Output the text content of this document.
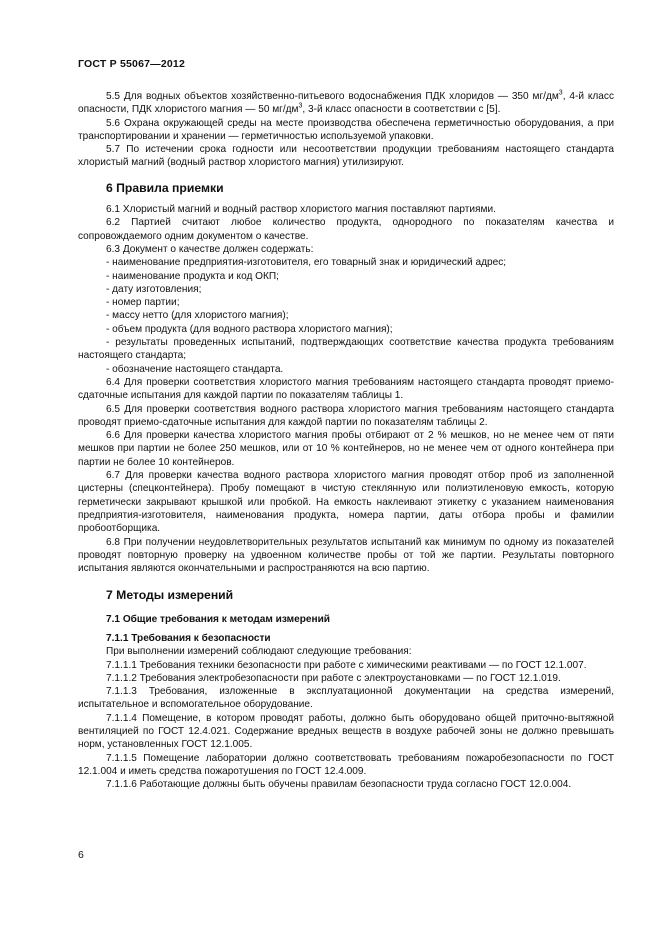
ГОСТ Р 55067—2012

5.5 Для водных объектов хозяйственно-питьевого водоснабжения ПДК хлоридов — 350 $мг/дм^3$, 4-й класс опасности, ПДК хлористого магния — 50 $мг/дм^3$, 3-й класс опасности в соответствии с [5].

5.6 Охрана окружающей среды на месте производства обеспечена герметичностью оборудования, а при транспортировании и хранении — герметичностью используемой упаковки.

5.7 По истечении срока годности или несоответствии продукции требованиям настоящего стандарта хлористый магний (водный раствор хлористого магния) утилизируют.

6 Правила приемки

6.1 Хлористый магний и водный раствор хлористого магния поставляют партиями.

6.2 Партией считают любое количество продукта, однородного по показателям качества и сопровождаемого одним документом о качестве.

6.3 Документ о качестве должен содержать:

- наименование предприятия-изготовителя, его товарный знак и юридический адрес;

- наименование продукта и код ОКП;

- дату изготовления;

- номер партии;

- массу нетто (для хлористого магния);

- объем продукта (для водного раствора хлористого магния);

- результаты проведенных испытаний, подтверждающих соответствие качества продукта требованиям настоящего стандарта;

- обозначение настоящего стандарта.

6.4 Для проверки соответствия хлористого магния требованиям настоящего стандарта проводят приемо-сдаточные испытания для каждой партии по показателям таблицы 1.

6.5 Для проверки соответствия водного раствора хлористого магния требованиям настоящего стандарта проводят приемо-сдаточные испытания для каждой партии по показателям таблицы 2.

6.6 Для проверки качества хлористого магния пробы отбирают от 2 % мешков, но не менее чем от пяти мешков при партии не более 250 мешков, или от 10 % контейнеров, но не менее чем от одного контейнера при партии не более 10 контейнеров.

6.7 Для проверки качества водного раствора хлористого магния проводят отбор проб из заполненной цистерны (спецконтейнера). Пробу помещают в чистую стеклянную или полиэтиленовую емкость, которую герметически закрывают крышкой или пробкой. На емкость наклеивают этикетку с указанием наименования предприятия-изготовителя, наименования продукта, номера партии, даты отбора пробы и фамилии пробоотборщика.

6.8 При получении неудовлетворительных результатов испытаний как минимум по одному из показателей проводят повторную проверку на удвоенном количестве пробы от той же партии. Результаты повторного испытания являются окончательными и распространяются на всю партию.

7 Методы измерений
7.1 Общие требования к методам измерений
7.1.1 Требования к безопасности

При выполнении измерений соблюдают следующие требования:

7.1.1.1 Требования техники безопасности при работе с химическими реактивами — по ГОСТ 12.1.007.

7.1.1.2 Требования электробезопасности при работе с электроустановками — по ГОСТ 12.1.019.

7.1.1.3 Требования, изложенные в эксплуатационной документации на средства измерений, испытательное и вспомогательное оборудование.

7.1.1.4 Помещение, в котором проводят работы, должно быть оборудовано общей приточно-вытяжной вентиляцией по ГОСТ 12.4.021. Содержание вредных веществ в воздухе рабочей зоны не должно превышать норм, установленных ГОСТ 12.1.005.

7.1.1.5 Помещение лаборатории должно соответствовать требованиям пожаробезопасности по ГОСТ 12.1.004 и иметь средства пожаротушения по ГОСТ 12.4.009.

7.1.1.6 Работающие должны быть обучены правилам безопасности труда согласно ГОСТ 12.0.004.

6
